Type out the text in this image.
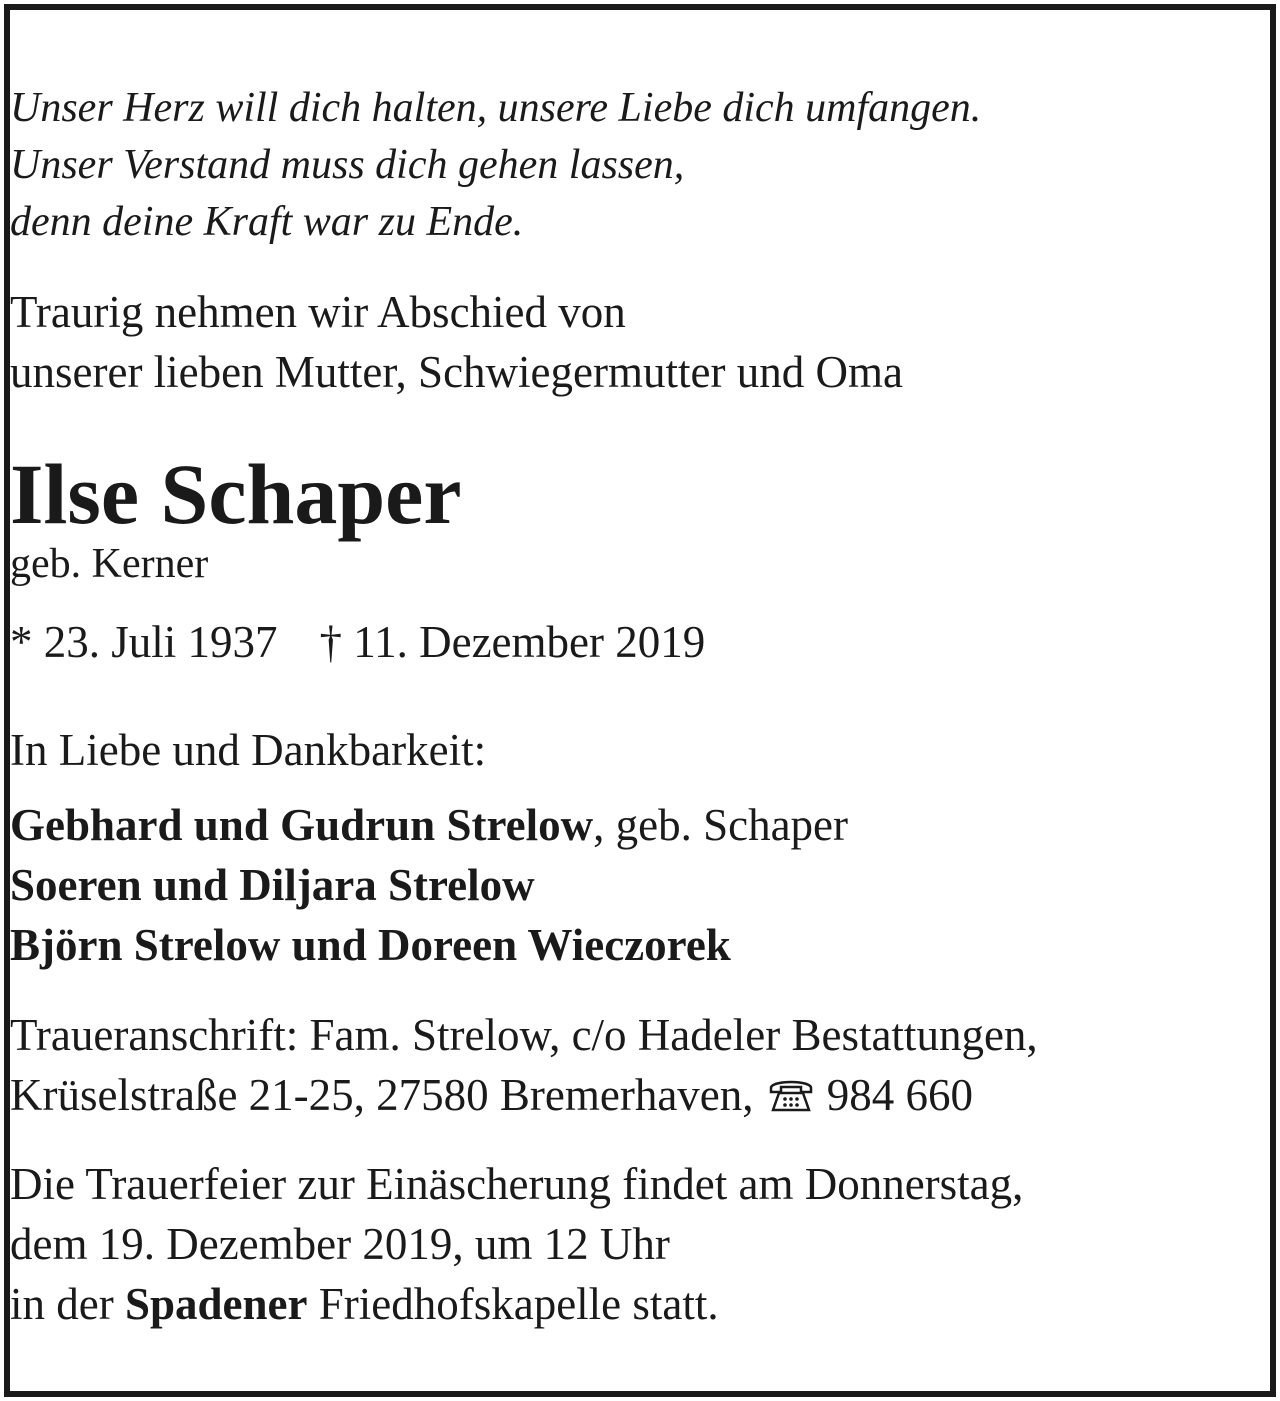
Unser Herz will dich halten, unsere Liebe dich umfangen.
Unser Verstand muss dich gehen lassen,
denn deine Kraft war zu Ende.
Traurig nehmen wir Abschied von
unserer lieben Mutter, Schwiegermutter und Oma
Ilse Schaper
geb. Kerner
* 23. Juli 1937 † 11. Dezember 2019
In Liebe und Dankbarkeit:
Gebhard und Gudrun Strelow, geb. Schaper
Soeren und Diljara Strelow
Björn Strelow und Doreen Wieczorek
Traueranschrift: Fam. Strelow, c/o Hadeler Bestattungen,
Krüselstraße 21-25, 27580 Bremerhaven, 984 660
Die Trauerfeier zur Einäscherung findet am Donnerstag,
dem 19. Dezember 2019, um 12 Uhr
in der Spadener Friedhofskapelle statt.
